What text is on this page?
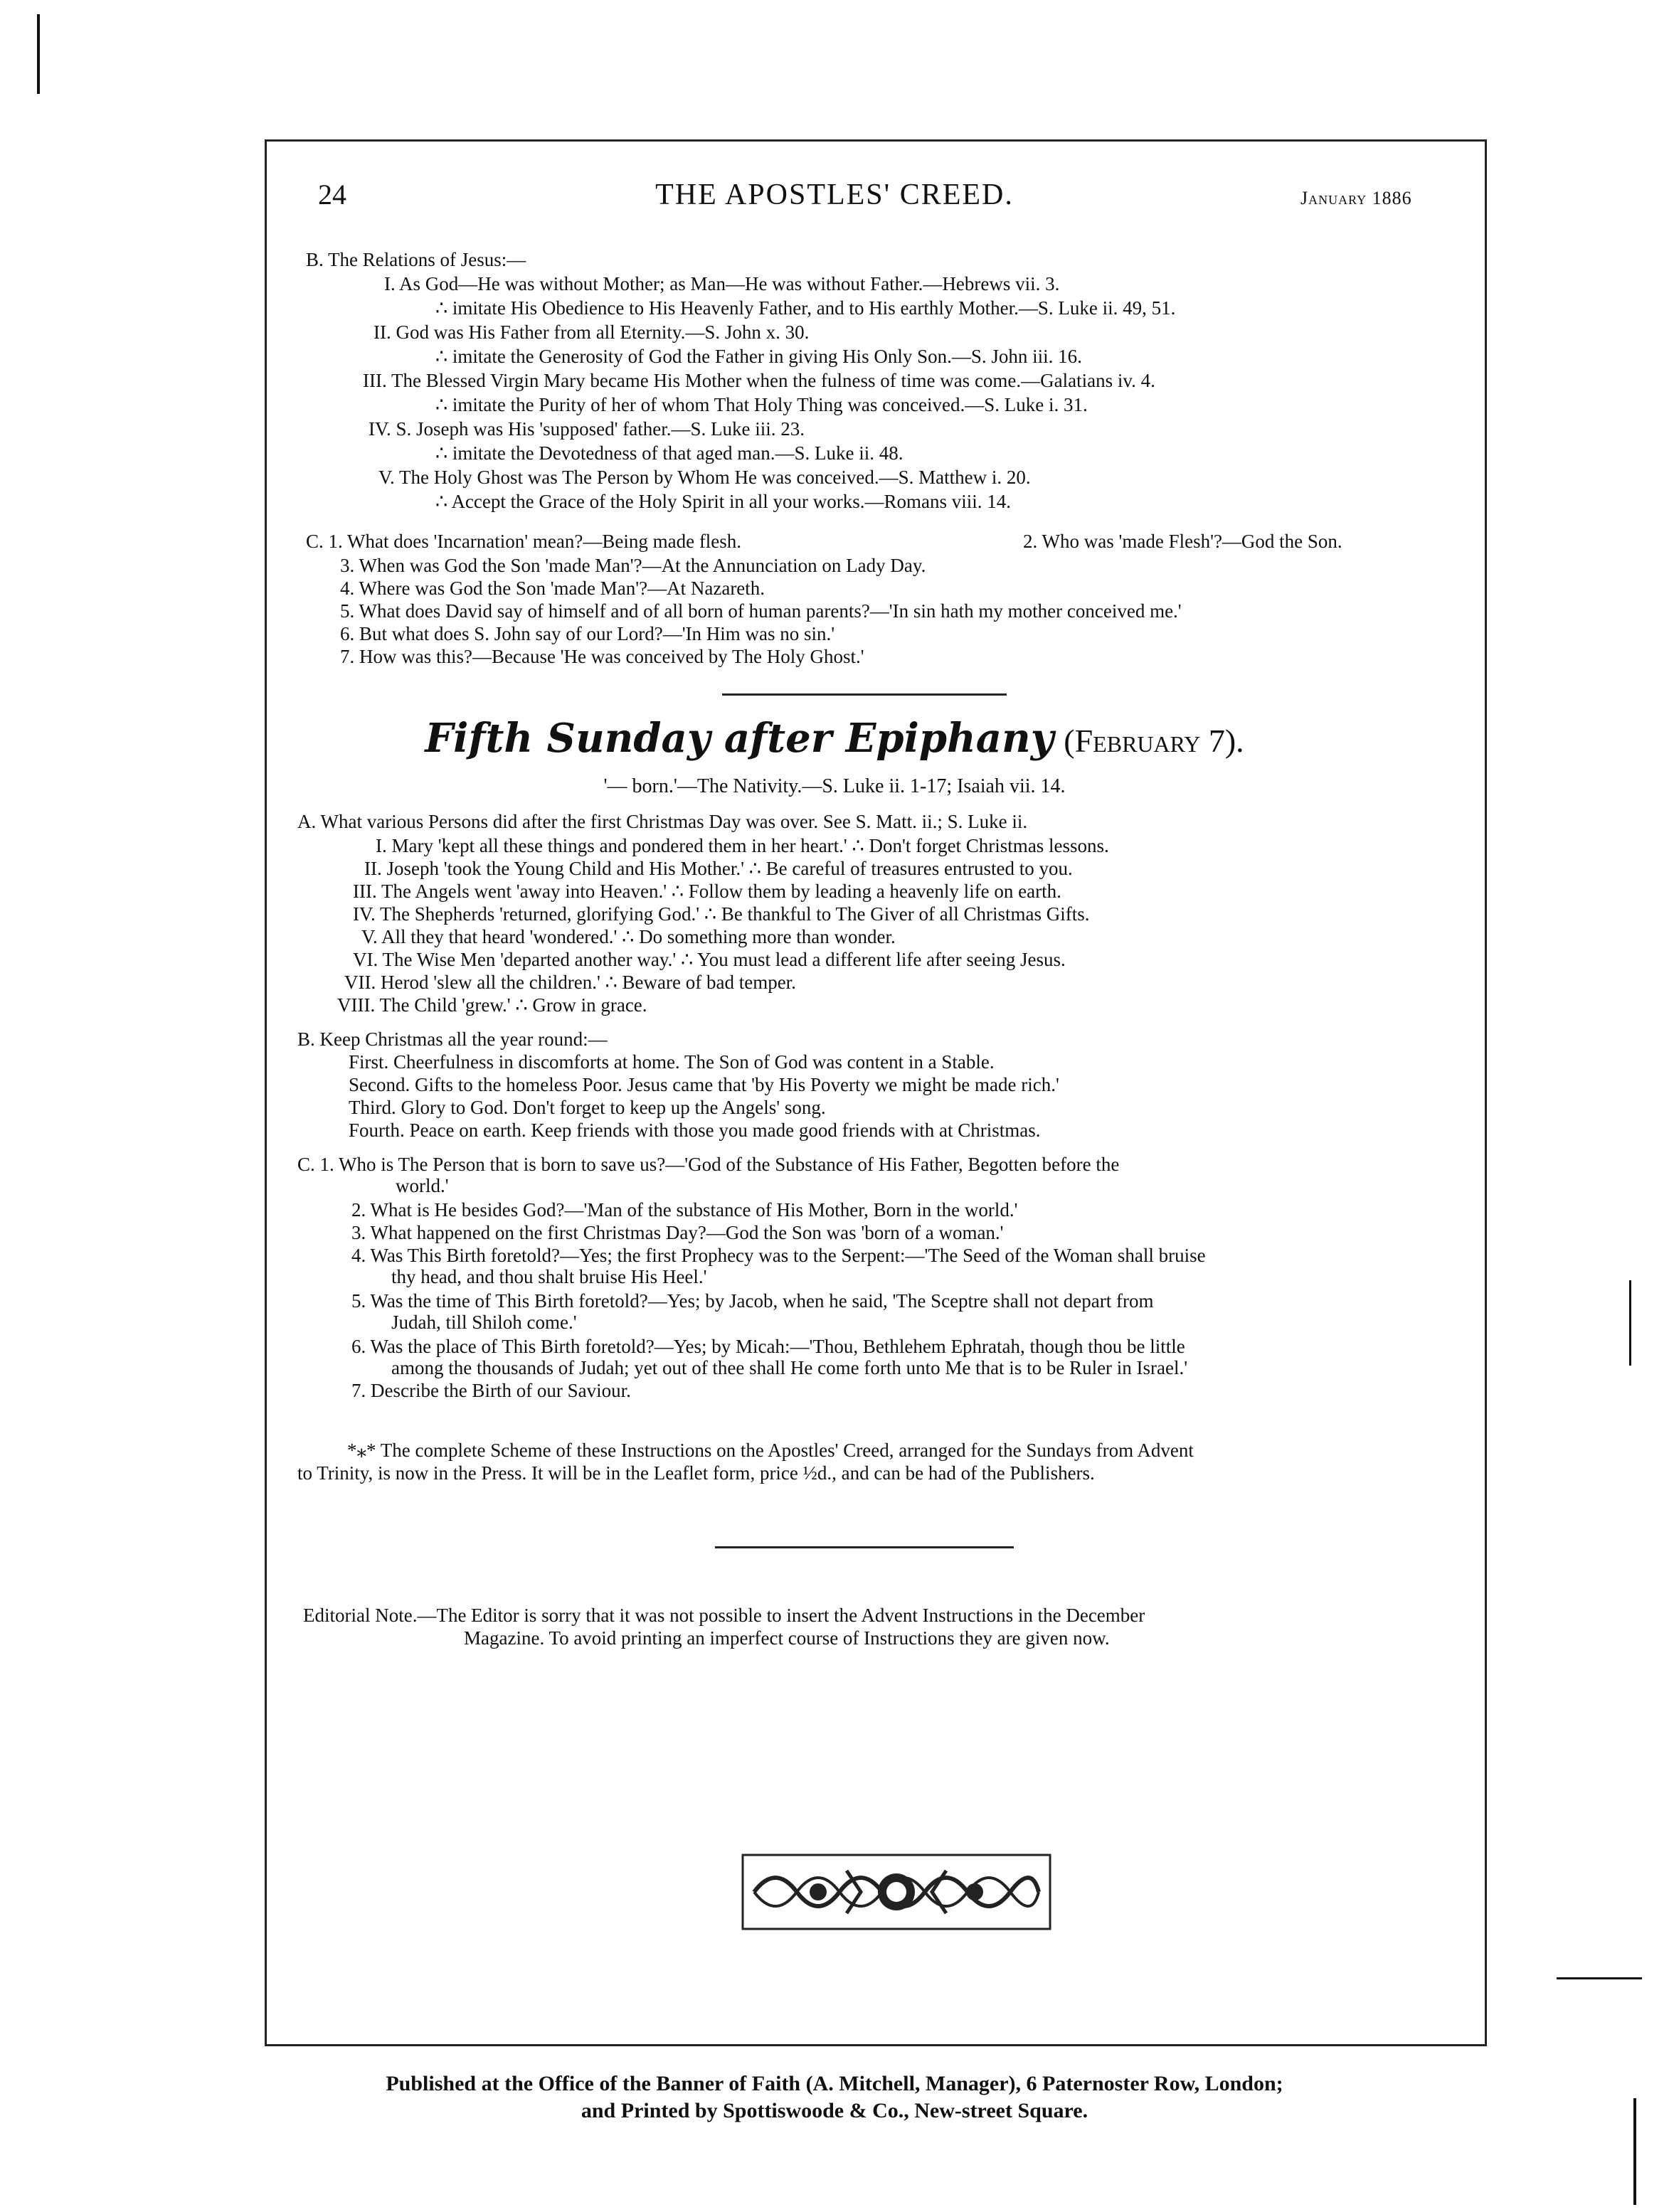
24	THE APOSTLES' CREED.	January 1886
B. The Relations of Jesus:—
I. As God—He was without Mother; as Man—He was without Father.—Hebrews vii. 3.
∴ imitate His Obedience to His Heavenly Father, and to His earthly Mother.—S. Luke ii. 49, 51.
II. God was His Father from all Eternity.—S. John x. 30.
∴ imitate the Generosity of God the Father in giving His Only Son.—S. John iii. 16.
III. The Blessed Virgin Mary became His Mother when the fulness of time was come.—Galatians iv. 4.
∴ imitate the Purity of her of whom That Holy Thing was conceived.—S. Luke i. 31.
IV. S. Joseph was His 'supposed' father.—S. Luke iii. 23.
∴ imitate the Devotedness of that aged man.—S. Luke ii. 48.
V. The Holy Ghost was The Person by Whom He was conceived.—S. Matthew i. 20.
∴ Accept the Grace of the Holy Spirit in all your works.—Romans viii. 14.
C. 1. What does 'Incarnation' mean?—Being made flesh.	2. Who was 'made Flesh'?—God the Son.
3. When was God the Son 'made Man'?—At the Annunciation on Lady Day.
4. Where was God the Son 'made Man'?—At Nazareth.
5. What does David say of himself and of all born of human parents?—'In sin hath my mother conceived me.'
6. But what does S. John say of our Lord?—'In Him was no sin.'
7. How was this?—Because 'He was conceived by The Holy Ghost.'
Fifth Sunday after Epiphany (February 7).
'— born.'—The Nativity.—S. Luke ii. 1-17; Isaiah vii. 14.
A. What various Persons did after the first Christmas Day was over. See S. Matt. ii.; S. Luke ii.
I. Mary 'kept all these things and pondered them in her heart.' ∴ Don't forget Christmas lessons.
II. Joseph 'took the Young Child and His Mother.' ∴ Be careful of treasures entrusted to you.
III. The Angels went 'away into Heaven.' ∴ Follow them by leading a heavenly life on earth.
IV. The Shepherds 'returned, glorifying God.' ∴ Be thankful to The Giver of all Christmas Gifts.
V. All they that heard 'wondered.' ∴ Do something more than wonder.
VI. The Wise Men 'departed another way.' ∴ You must lead a different life after seeing Jesus.
VII. Herod 'slew all the children.' ∴ Beware of bad temper.
VIII. The Child 'grew.' ∴ Grow in grace.
B. Keep Christmas all the year round:—
First. Cheerfulness in discomforts at home. The Son of God was content in a Stable.
Second. Gifts to the homeless Poor. Jesus came that 'by His Poverty we might be made rich.'
Third. Glory to God. Don't forget to keep up the Angels' song.
Fourth. Peace on earth. Keep friends with those you made good friends with at Christmas.
C. 1. Who is The Person that is born to save us?—'God of the Substance of His Father, Begotten before the
world.'
2. What is He besides God?—'Man of the substance of His Mother, Born in the world.'
3. What happened on the first Christmas Day?—God the Son was 'born of a woman.'
4. Was This Birth foretold?—Yes; the first Prophecy was to the Serpent:—'The Seed of the Woman shall bruise
thy head, and thou shalt bruise His Heel.'
5. Was the time of This Birth foretold?—Yes; by Jacob, when he said, 'The Sceptre shall not depart from
Judah, till Shiloh come.'
6. Was the place of This Birth foretold?—Yes; by Micah:—'Thou, Bethlehem Ephratah, though thou be little
among the thousands of Judah; yet out of thee shall He come forth unto Me that is to be Ruler in Israel.'
7. Describe the Birth of our Saviour.
*⁎* The complete Scheme of these Instructions on the Apostles' Creed, arranged for the Sundays from Advent
to Trinity, is now in the Press. It will be in the Leaflet form, price ½d., and can be had of the Publishers.
Editorial Note.—The Editor is sorry that it was not possible to insert the Advent Instructions in the December
Magazine. To avoid printing an imperfect course of Instructions they are given now.
Published at the Office of the Banner of Faith (A. Mitchell, Manager), 6 Paternoster Row, London;
and Printed by Spottiswoode & Co., New-street Square.
